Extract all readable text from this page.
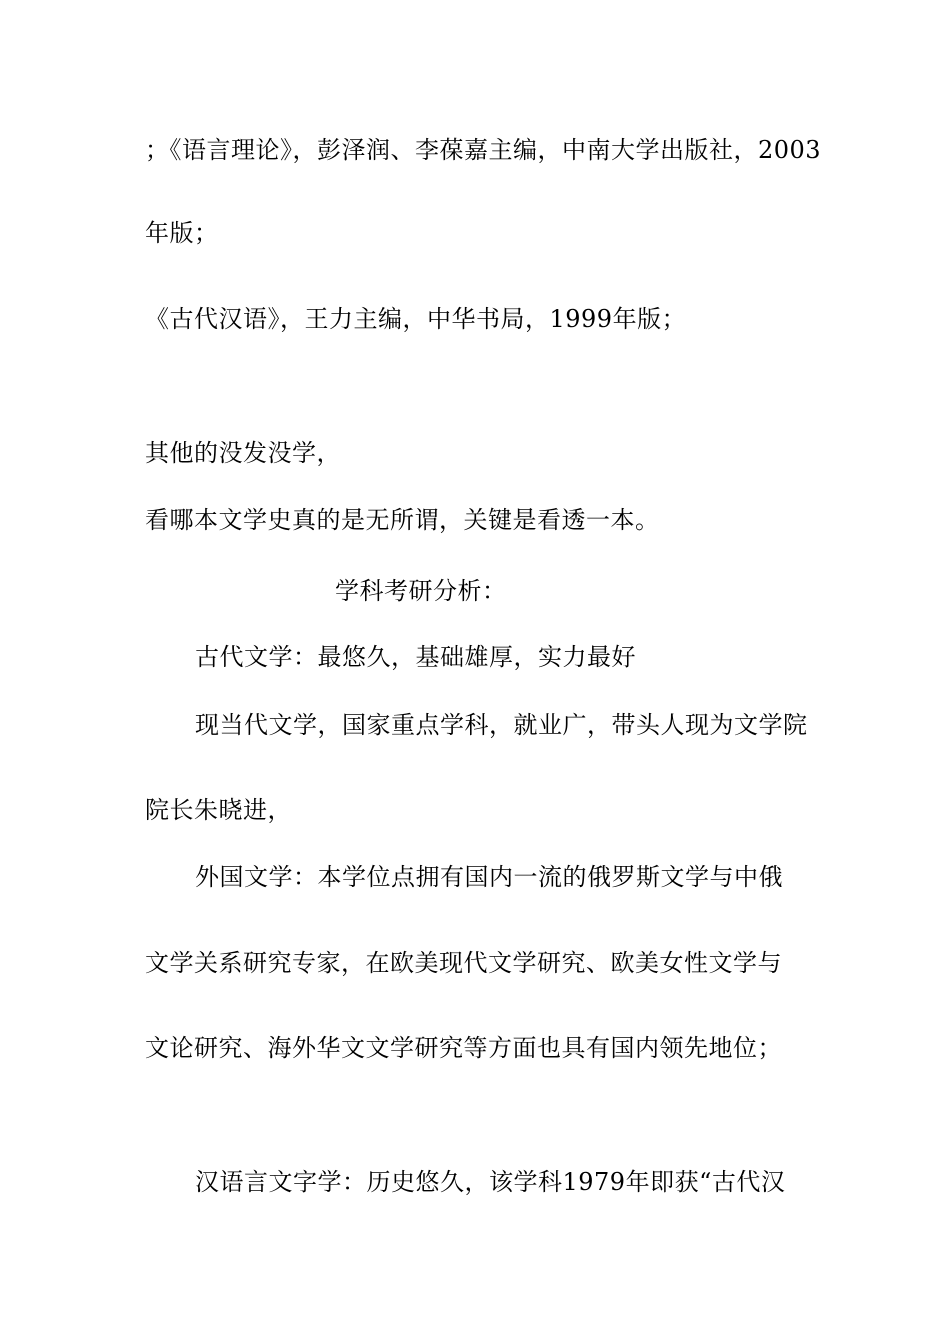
；《语言理论》，彭泽润、李葆嘉主编，中南大学出版社，2003
年版；
《古代汉语》，王力主编，中华书局，1999年版；
其他的没发没学，
看哪本文学史真的是无所谓，关键是看透一本。
学科考研分析：
古代文学：最悠久，基础雄厚，实力最好
现当代文学，国家重点学科，就业广，带头人现为文学院
院长朱晓进，
外国文学：本学位点拥有国内一流的俄罗斯文学与中俄
文学关系研究专家，在欧美现代文学研究、欧美女性文学与
文论研究、海外华文文学研究等方面也具有国内领先地位；
汉语言文字学：历史悠久，该学科1979年即获“古代汉
